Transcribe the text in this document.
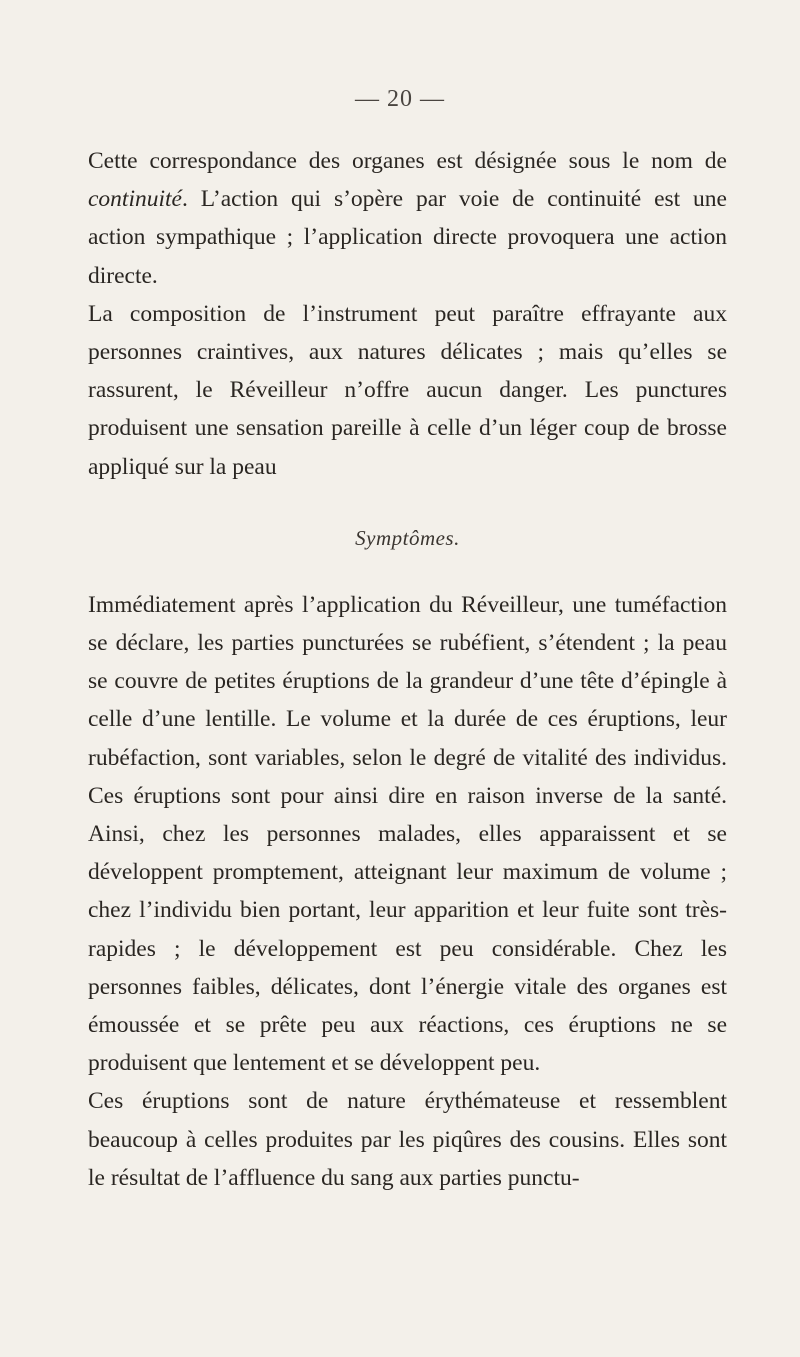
— 20 —

Cette correspondance des organes est désignée sous le nom de continuité. L’action qui s’opère par voie de continuité est une action sympathique ; l’application directe provoquera une action directe.

La composition de l’instrument peut paraître effrayante aux personnes craintives, aux natures délicates ; mais qu’elles se rassurent, le Réveilleur n’offre aucun danger. Les punctures produisent une sensation pareille à celle d’un léger coup de brosse appliqué sur la peau

Symptômes.

Immédiatement après l’application du Réveilleur, une tuméfaction se déclare, les parties puncturées se rubéfient, s’étendent ; la peau se couvre de petites éruptions de la grandeur d’une tête d’épingle à celle d’une lentille. Le volume et la durée de ces éruptions, leur rubéfaction, sont variables, selon le degré de vitalité des individus. Ces éruptions sont pour ainsi dire en raison inverse de la santé. Ainsi, chez les personnes malades, elles apparaissent et se développent promptement, atteignant leur maximum de volume ; chez l’individu bien portant, leur apparition et leur fuite sont très-rapides ; le développement est peu considérable. Chez les personnes faibles, délicates, dont l’énergie vitale des organes est émoussée et se prête peu aux réactions, ces éruptions ne se produisent que lentement et se développent peu.

Ces éruptions sont de nature érythémateuse et ressemblent beaucoup à celles produites par les piqûres des cousins. Elles sont le résultat de l’affluence du sang aux parties punctu-
